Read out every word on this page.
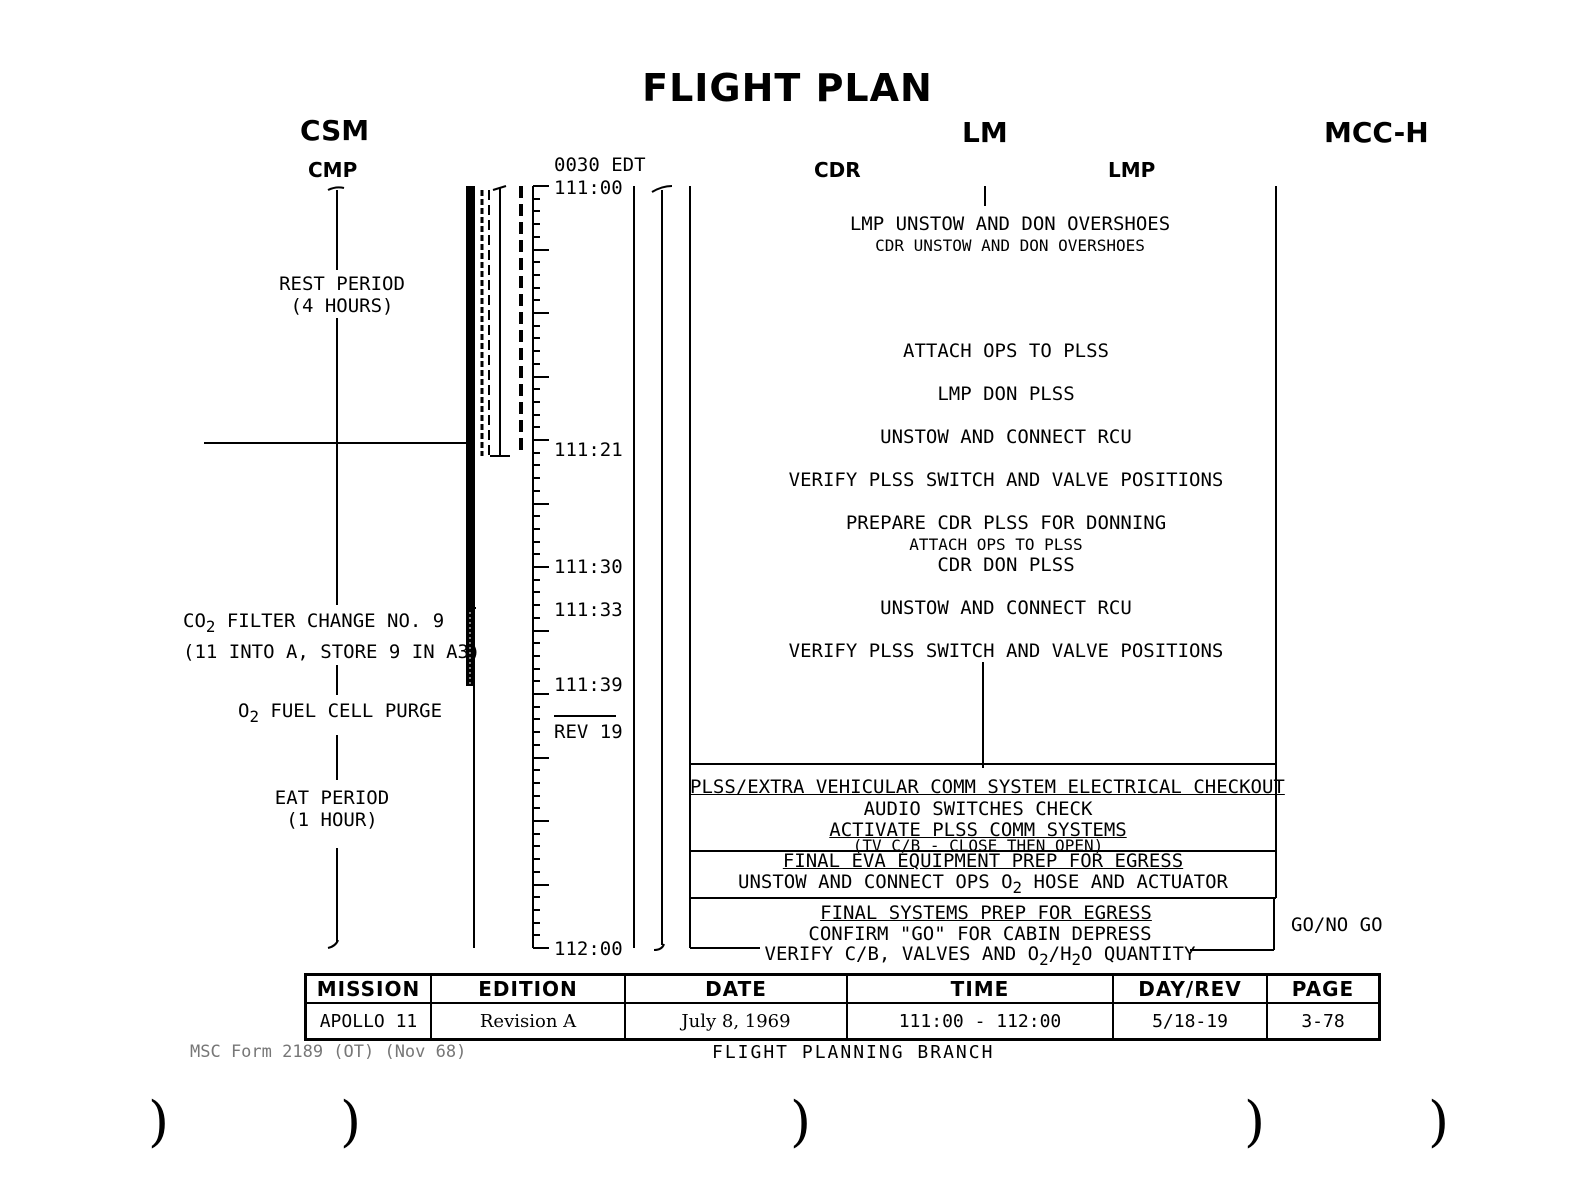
FLIGHT PLAN
CSM	LM	MCC-H
CMP	CDR	LMP
0030 EDT
111:00
111:21
111:30
111:33
111:39
REV 19
112:00
REST PERIOD
(4 HOURS)
$CO_2$ FILTER CHANGE NO. 9
(11 INTO A, STORE 9 IN A3)
$O_2$ FUEL CELL PURGE
EAT PERIOD
(1 HOUR)
LMP UNSTOW AND DON OVERSHOES
CDR UNSTOW AND DON OVERSHOES
ATTACH OPS TO PLSS
LMP DON PLSS
UNSTOW AND CONNECT RCU
VERIFY PLSS SWITCH AND VALVE POSITIONS
PREPARE CDR PLSS FOR DONNING
ATTACH OPS TO PLSS
CDR DON PLSS
UNSTOW AND CONNECT RCU
VERIFY PLSS SWITCH AND VALVE POSITIONS
PLSS/EXTRA VEHICULAR COMM SYSTEM ELECTRICAL CHECKOUT
AUDIO SWITCHES CHECK
ACTIVATE PLSS COMM SYSTEMS
(TV C/B - CLOSE THEN OPEN)
FINAL EVA EQUIPMENT PREP FOR EGRESS
UNSTOW AND CONNECT OPS $O_2$ HOSE AND ACTUATOR
FINAL SYSTEMS PREP FOR EGRESS
CONFIRM "GO" FOR CABIN DEPRESS
VERIFY C/B, VALVES AND $O_2/H_2O$ QUANTITY
GO/NO GO
MISSION	EDITION	DATE	TIME	DAY/REV	PAGE
APOLLO 11	Revision A	July 8, 1969	111:00 - 112:00	5/18-19	3-78
MSC Form 2189 (OT) (Nov 68)	FLIGHT PLANNING BRANCH
)	)	)	)	)
